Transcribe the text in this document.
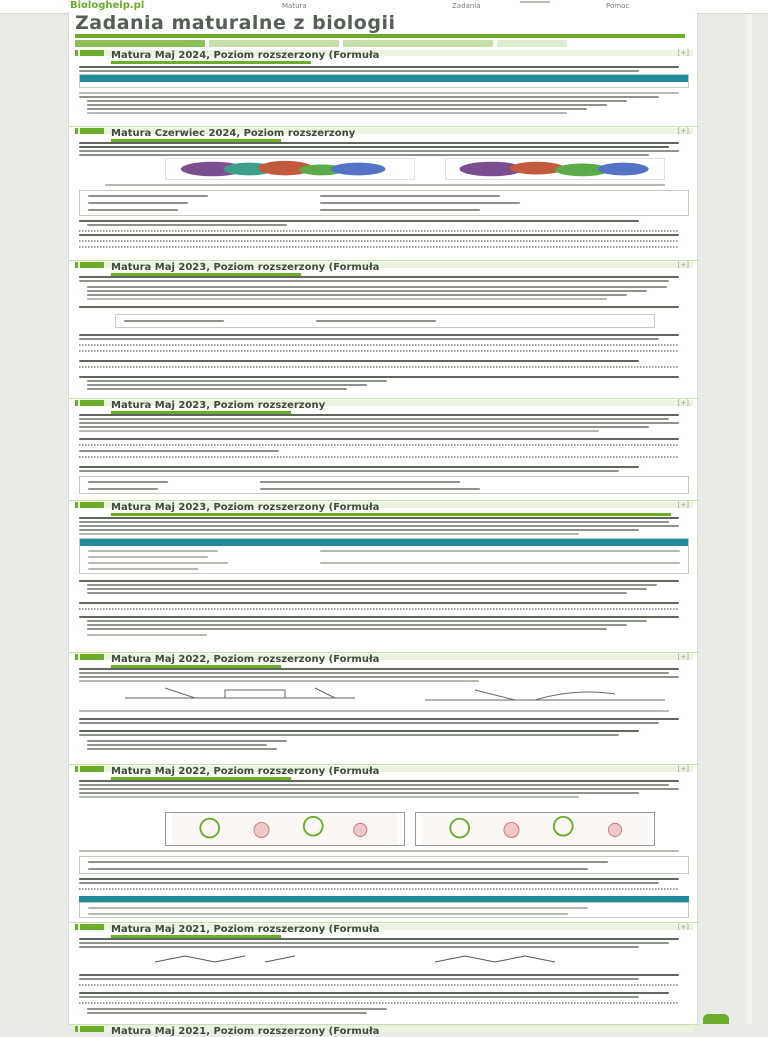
Biologhelp.pl	Matura	Zadania	Pomoc
Zadania maturalne z biologii
Matura Maj 2024, Poziom rozszerzony (Formuła	[+]
Matura Czerwiec 2024, Poziom rozszerzony	[+]
Matura Maj 2023, Poziom rozszerzony (Formuła	[+]
Matura Maj 2023, Poziom rozszerzony	[+]
Matura Maj 2023, Poziom rozszerzony (Formuła	[+]
Matura Maj 2022, Poziom rozszerzony (Formuła	[+]
Matura Maj 2022, Poziom rozszerzony (Formuła	[+]
Matura Maj 2021, Poziom rozszerzony (Formuła	[+]
Matura Maj 2021, Poziom rozszerzony (Formuła
